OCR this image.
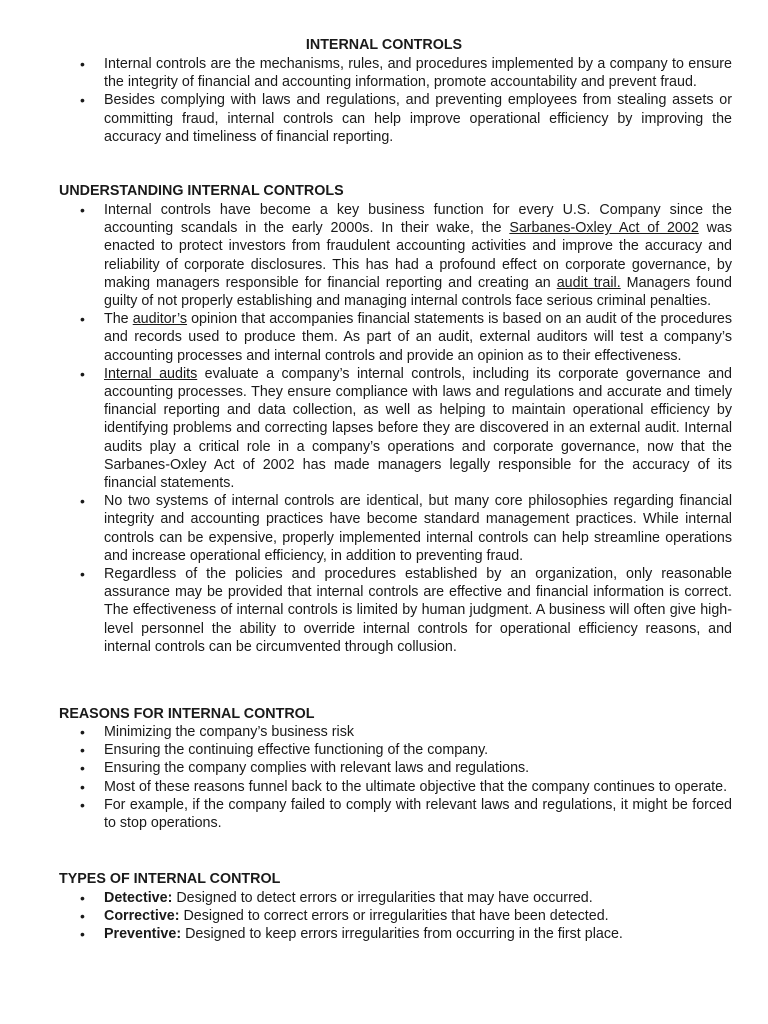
INTERNAL CONTROLS
• Internal controls are the mechanisms, rules, and procedures implemented by a company to ensure the integrity of financial and accounting information, promote accountability and prevent fraud.
• Besides complying with laws and regulations, and preventing employees from stealing assets or committing fraud, internal controls can help improve operational efficiency by improving the accuracy and timeliness of financial reporting.
UNDERSTANDING INTERNAL CONTROLS
• Internal controls have become a key business function for every U.S. Company since the accounting scandals in the early 2000s. In their wake, the Sarbanes-Oxley Act of 2002 was enacted to protect investors from fraudulent accounting activities and improve the accuracy and reliability of corporate disclosures. This has had a profound effect on corporate governance, by making managers responsible for financial reporting and creating an audit trail. Managers found guilty of not properly establishing and managing internal controls face serious criminal penalties.
• The auditor’s opinion that accompanies financial statements is based on an audit of the procedures and records used to produce them. As part of an audit, external auditors will test a company’s accounting processes and internal controls and provide an opinion as to their effectiveness.
• Internal audits evaluate a company’s internal controls, including its corporate governance and accounting processes. They ensure compliance with laws and regulations and accurate and timely financial reporting and data collection, as well as helping to maintain operational efficiency by identifying problems and correcting lapses before they are discovered in an external audit. Internal audits play a critical role in a company’s operations and corporate governance, now that the Sarbanes-Oxley Act of 2002 has made managers legally responsible for the accuracy of its financial statements.
• No two systems of internal controls are identical, but many core philosophies regarding financial integrity and accounting practices have become standard management practices. While internal controls can be expensive, properly implemented internal controls can help streamline operations and increase operational efficiency, in addition to preventing fraud.
• Regardless of the policies and procedures established by an organization, only reasonable assurance may be provided that internal controls are effective and financial information is correct. The effectiveness of internal controls is limited by human judgment. A business will often give high-level personnel the ability to override internal controls for operational efficiency reasons, and internal controls can be circumvented through collusion.
REASONS FOR INTERNAL CONTROL
• Minimizing the company’s business risk
• Ensuring the continuing effective functioning of the company.
• Ensuring the company complies with relevant laws and regulations.
• Most of these reasons funnel back to the ultimate objective that the company continues to operate.
• For example, if the company failed to comply with relevant laws and regulations, it might be forced to stop operations.
TYPES OF INTERNAL CONTROL
• Detective: Designed to detect errors or irregularities that may have occurred.
• Corrective: Designed to correct errors or irregularities that have been detected.
• Preventive: Designed to keep errors irregularities from occurring in the first place.
